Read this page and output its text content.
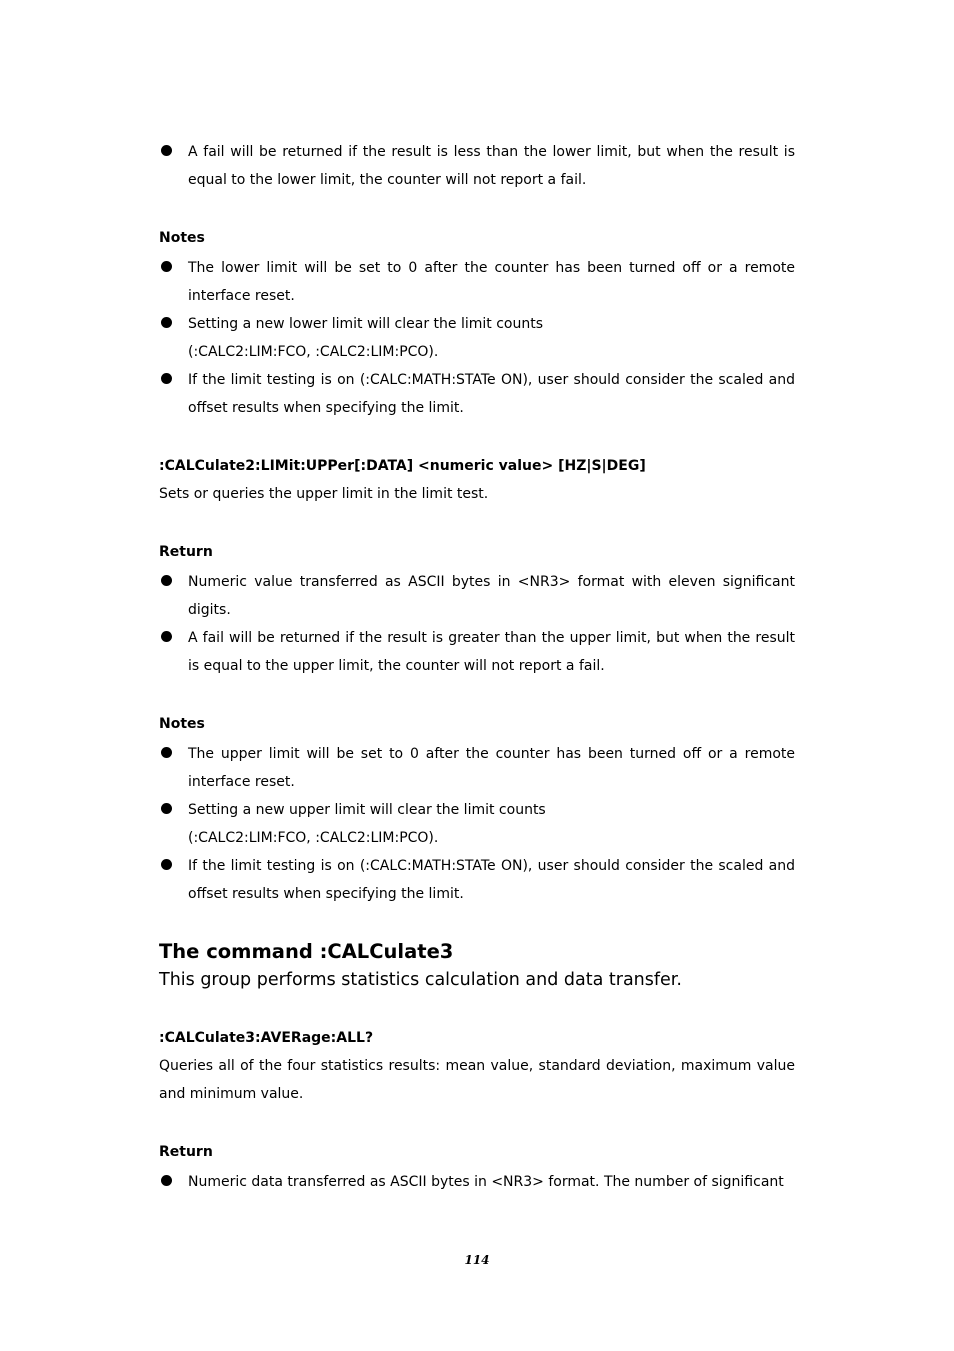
A fail will be returned if the result is less than the lower limit, but when the result is equal to the lower limit, the counter will not report a fail.
Notes
The lower limit will be set to 0 after the counter has been turned off or a remote interface reset.
Setting a new lower limit will clear the limit counts
(:CALC2:LIM:FCO, :CALC2:LIM:PCO).
If the limit testing is on (:CALC:MATH:STATe ON), user should consider the scaled and offset results when specifying the limit.
:CALCulate2:LIMit:UPPer[:DATA] <numeric value> [HZ|S|DEG]
Sets or queries the upper limit in the limit test.
Return
Numeric value transferred as ASCII bytes in <NR3> format with eleven significant digits.
A fail will be returned if the result is greater than the upper limit, but when the result is equal to the upper limit, the counter will not report a fail.
Notes
The upper limit will be set to 0 after the counter has been turned off or a remote interface reset.
Setting a new upper limit will clear the limit counts
(:CALC2:LIM:FCO, :CALC2:LIM:PCO).
If the limit testing is on (:CALC:MATH:STATe ON), user should consider the scaled and offset results when specifying the limit.
The command :CALCulate3
This group performs statistics calculation and data transfer.
:CALCulate3:AVERage:ALL?
Queries all of the four statistics results: mean value, standard deviation, maximum value and minimum value.
Return
Numeric data transferred as ASCII bytes in <NR3> format. The number of significant
114
